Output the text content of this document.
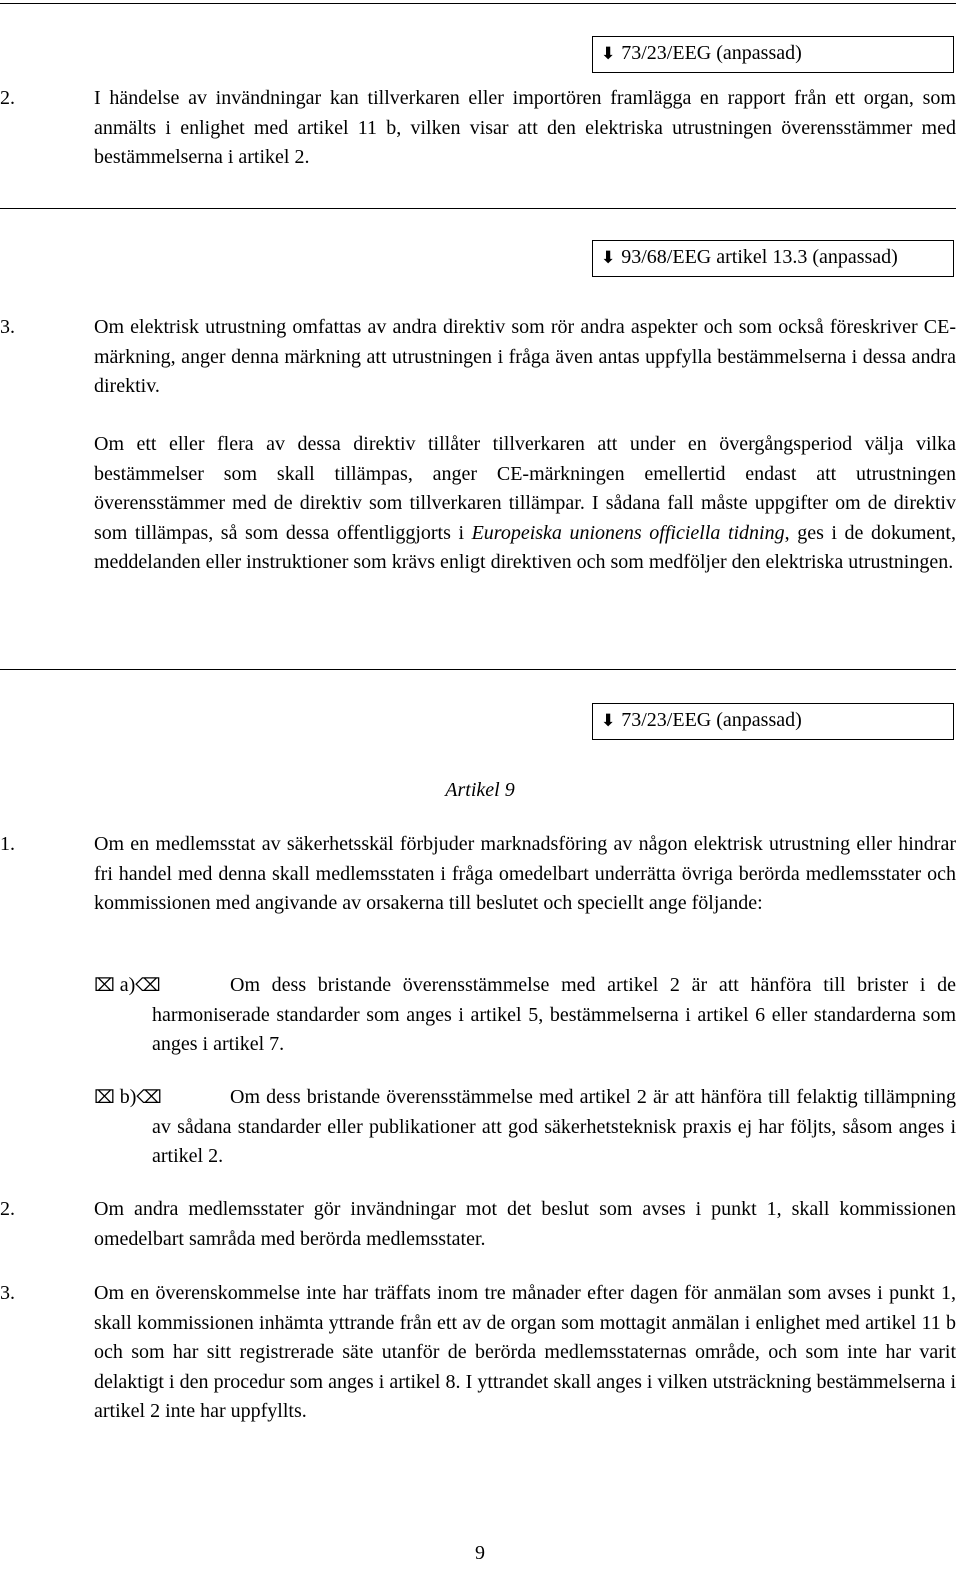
⬇ 73/23/EEG (anpassad)
2.	I händelse av invändningar kan tillverkaren eller importören framlägga en rapport från ett organ, som anmälts i enlighet med artikel 11 b, vilken visar att den elektriska utrustningen överensstämmer med bestämmelserna i artikel 2.
⬇ 93/68/EEG artikel 13.3 (anpassad)
3.	Om elektrisk utrustning omfattas av andra direktiv som rör andra aspekter och som också föreskriver CE-märkning, anger denna märkning att utrustningen i fråga även antas uppfylla bestämmelserna i dessa andra direktiv.
Om ett eller flera av dessa direktiv tillåter tillverkaren att under en övergångsperiod välja vilka bestämmelser som skall tillämpas, anger CE-märkningen emellertid endast att utrustningen överensstämmer med de direktiv som tillverkaren tillämpar. I sådana fall måste uppgifter om de direktiv som tillämpas, så som dessa offentliggjorts i Europeiska unionens officiella tidning, ges i de dokument, meddelanden eller instruktioner som krävs enligt direktiven och som medföljer den elektriska utrustningen.
⬇ 73/23/EEG (anpassad)
Artikel 9
1.	Om en medlemsstat av säkerhetsskäl förbjuder marknadsföring av någon elektrisk utrustning eller hindrar fri handel med denna skall medlemsstaten i fråga omedelbart underrätta övriga berörda medlemsstater och kommissionen med angivande av orsakerna till beslutet och speciellt ange följande:
⌧ a)⌫	Om dess bristande överensstämmelse med artikel 2 är att hänföra till brister i de harmoniserade standarder som anges i artikel 5, bestämmelserna i artikel 6 eller standarderna som anges i artikel 7.
⌧ b)⌫	Om dess bristande överensstämmelse med artikel 2 är att hänföra till felaktig tillämpning av sådana standarder eller publikationer att god säkerhetsteknisk praxis ej har följts, såsom anges i artikel 2.
2.	Om andra medlemsstater gör invändningar mot det beslut som avses i punkt 1, skall kommissionen omedelbart samråda med berörda medlemsstater.
3.	Om en överenskommelse inte har träffats inom tre månader efter dagen för anmälan som avses i punkt 1, skall kommissionen inhämta yttrande från ett av de organ som mottagit anmälan i enlighet med artikel 11 b och som har sitt registrerade säte utanför de berörda medlemsstaternas område, och som inte har varit delaktigt i den procedur som anges i artikel 8. I yttrandet skall anges i vilken utsträckning bestämmelserna i artikel 2 inte har uppfyllts.
9
